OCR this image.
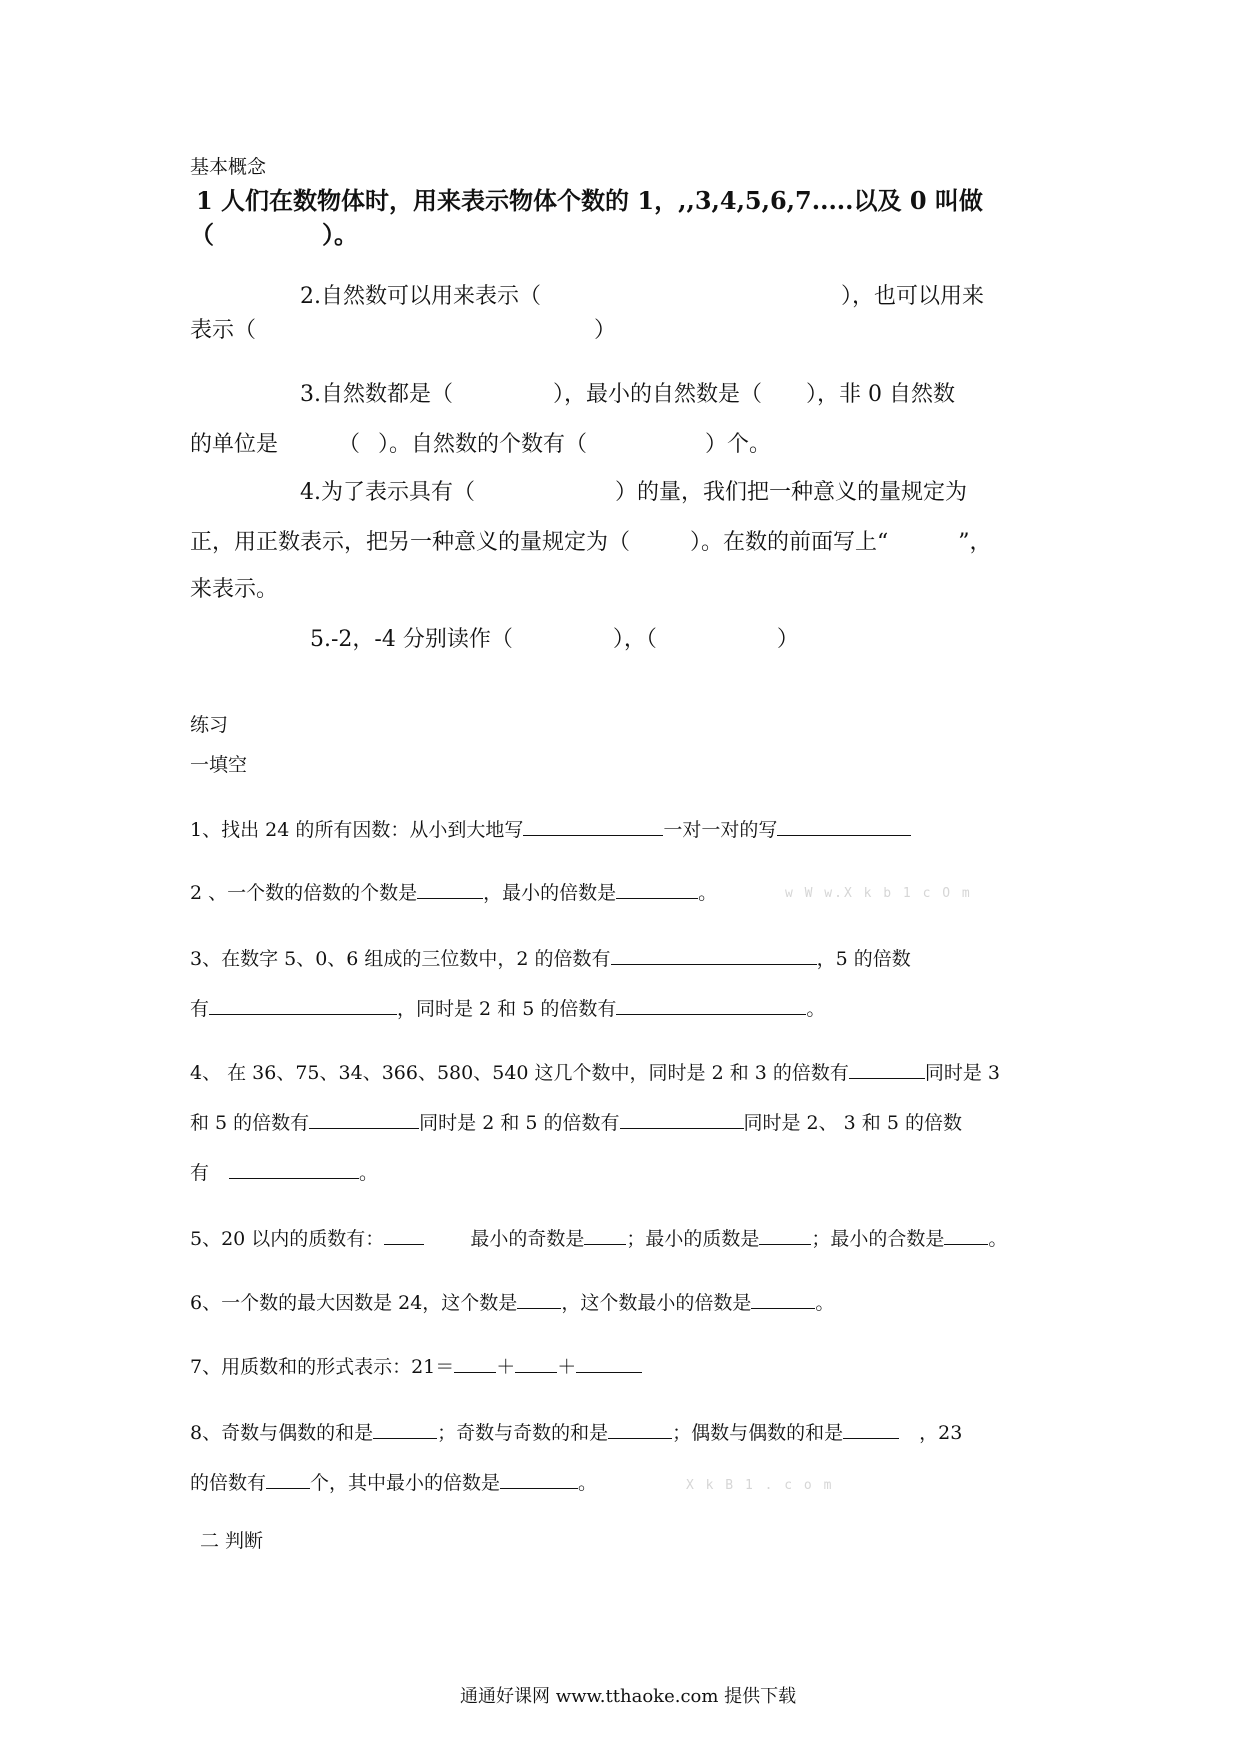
基本概念
1 人们在数物体时，用来表示物体个数的 1，,,3,4,5,6,7.....以及 0 叫做
（	）。
2.自然数可以用来表示（	），也可以用来
表示（	）
3.自然数都是（	），最小的自然数是（ ），非 0 自然数
的单位是	（ ）。自然数的个数有（	）个。
4.为了表示具有（	）的量，我们把一种意义的量规定为
正，用正数表示，把另一种意义的量规定为（	）。在数的前面写上“	”，
来表示。
5.-2，-4 分别读作（	），（	）
练习
一填空
1、找出 24 的所有因数：从小到大地写	一对一对的写
2 、一个数的倍数的个数是	，最小的倍数是	。	w W w.X k b 1 c O m
3、在数字 5、0、6 组成的三位数中，2 的倍数有	，5 的倍数
有	，同时是 2 和 5 的倍数有	。
4、 在 36、75、34、366、580、540 这几个数中，同时是 2 和 3 的倍数有	同时是 3
和 5 的倍数有	同时是 2 和 5 的倍数有	同时是 2、 3 和 5 的倍数
有	。
5、20 以内的质数有：	最小的奇数是 ；最小的质数是	；最小的合数是 。
6、一个数的最大因数是 24，这个数是 ，这个数最小的倍数是	。
7、用质数和的形式表示：21＝ ＋ ＋
8、奇数与偶数的和是	；奇数与奇数的和是	；偶数与偶数的和是	，23
的倍数有 个，其中最小的倍数是	。	X k B 1 . c o m
二 判断
通通好课网 www.tthaoke.com 提供下载
